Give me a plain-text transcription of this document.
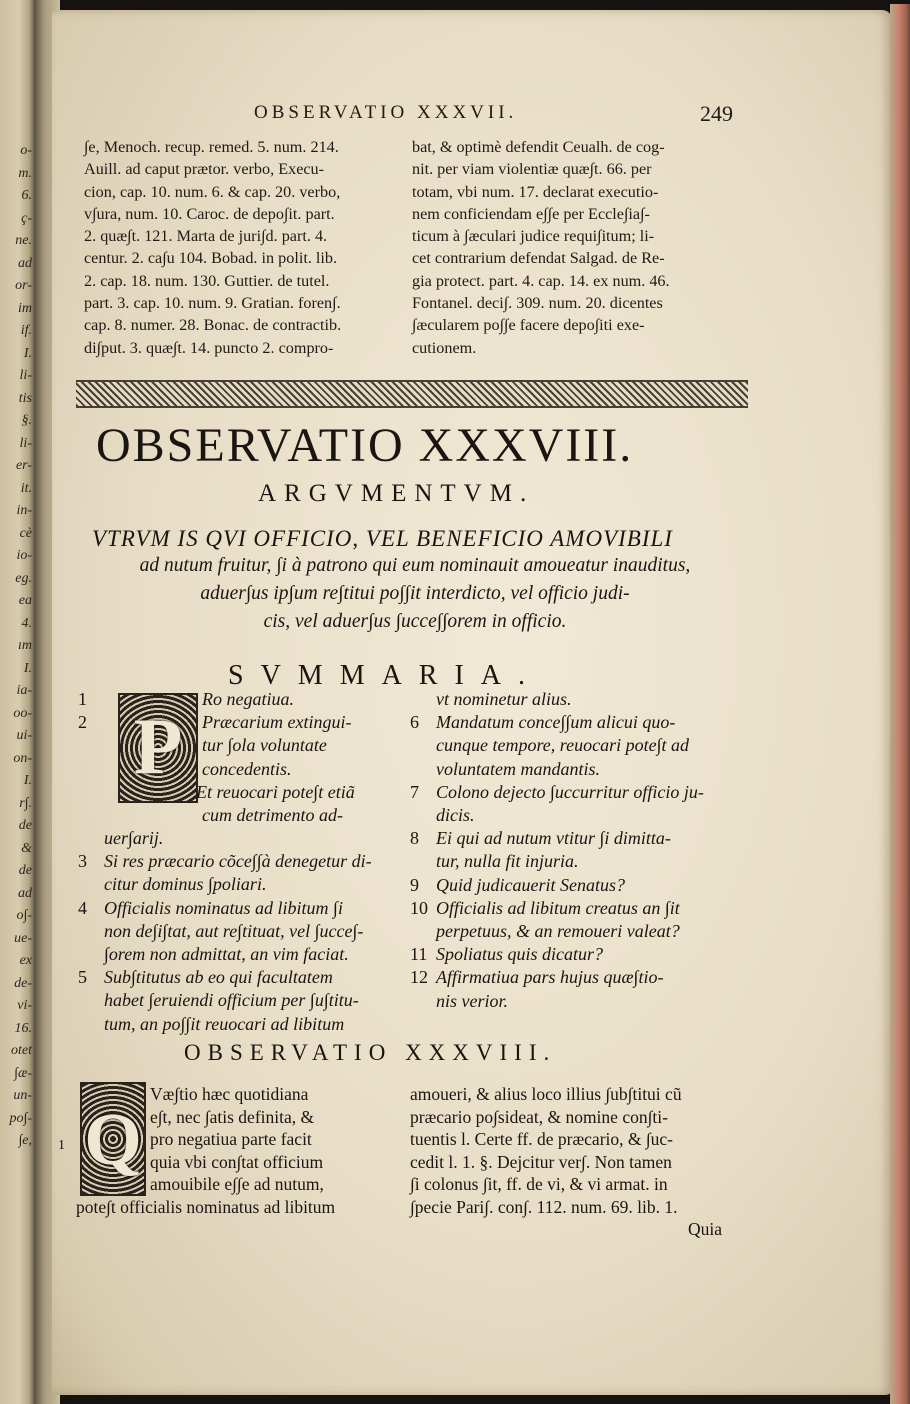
o-
m.
6.
ç-
ne.
ad
or-
im
if.
I.
li-
tis
§.
li-
er-
it.
in-
cè
io-
eg.
ea
4.
ım
I.
ia-
oo-
ui-
on-
I.
r∫.
de
&
de
ad
o∫-
ue-
ex
de-
vi-
16.
otet
∫æ-
un-
po∫-
∫e,
OBSERVATIO XXXVII.	249
∫e, Menoch. recup. remed. 5. num. 214.
Auill. ad caput prætor. verbo, Execu-
cion, cap. 10. num. 6. & cap. 20. verbo,
v∫ura, num. 10. Caroc. de depo∫it. part.
2. quæ∫t. 121. Marta de juri∫d. part. 4.
centur. 2. ca∫u 104. Bobad. in polit. lib.
2. cap. 18. num. 130. Guttier. de tutel.
part. 3. cap. 10. num. 9. Gratian. foren∫.
cap. 8. numer. 28. Bonac. de contractib.
di∫put. 3. quæ∫t. 14. puncto 2. compro-
bat, & optimè defendit Ceualh. de cog-
nit. per viam violentiæ quæ∫t. 66. per
totam, vbi num. 17. declarat executio-
nem conficiendam e∫∫e per Eccle∫ia∫-
ticum à ∫æculari judice requi∫itum; li-
cet contrarium defendat Salgad. de Re-
gia protect. part. 4. cap. 14. ex num. 46.
Fontanel. deci∫. 309. num. 20. dicentes
∫æcularem po∫∫e facere depo∫iti exe-
cutionem.
OBSERVATIO XXXVIII.
ARGVMENTVM.
VTRVM IS QVI OFFICIO, VEL BENEFICIO AMOVIBILI
ad nutum fruitur, ∫i à patrono qui eum nominauit amoueatur inauditus,
aduer∫us ip∫um re∫titui po∫∫it interdicto, vel officio judi-
cis, vel aduer∫us ∫ucce∫∫orem in officio.
SVMMARIA.
P
1	Ro negatiua.
2	Præcarium extingui-
tur ∫ola voluntate
concedentis.
Et reuocari pote∫t etiã
cum detrimento ad-
uer∫arij.
3 Si res præcario cõce∫∫à denegetur di-
citur dominus ∫poliari.
4 Officialis nominatus ad libitum ∫i
non de∫i∫tat, aut re∫tituat, vel ∫ucce∫-
∫orem non admittat, an vim faciat.
5 Sub∫titutus ab eo qui facultatem
habet ∫eruiendi officium per ∫u∫titu-
tum, an po∫∫it reuocari ad libitum
vt nominetur alius.
6 Mandatum conce∫∫um alicui quo-
cunque tempore, reuocari pote∫t ad
voluntatem mandantis.
7 Colono dejecto ∫uccurritur officio ju-
dicis.
8 Ei qui ad nutum vtitur ∫i dimitta-
tur, nulla fit injuria.
9 Quid judicauerit Senatus?
10 Officialis ad libitum creatus an ∫it
perpetuus, & an remoueri valeat?
11 Spoliatus quis dicatur?
12 Affirmatiua pars hujus quæ∫tio-
nis verior.
OBSERVATIO XXXVIII.
Q
1
Væ∫tio hæc quotidiana
e∫t, nec ∫atis definita, &
pro negatiua parte facit
quia vbi con∫tat officium
amouibile e∫∫e ad nutum,
pote∫t officialis nominatus ad libitum
amoueri, & alius loco illius ∫ub∫titui cũ
præcario po∫sideat, & nomine con∫ti-
tuentis l. Certe ff. de præcario, & ∫uc-
cedit l. 1. §. Dejcitur ver∫. Non tamen
∫i colonus ∫it, ff. de vi, & vi armat. in
∫pecie Pari∫. con∫. 112. num. 69. lib. 1.
Quia
